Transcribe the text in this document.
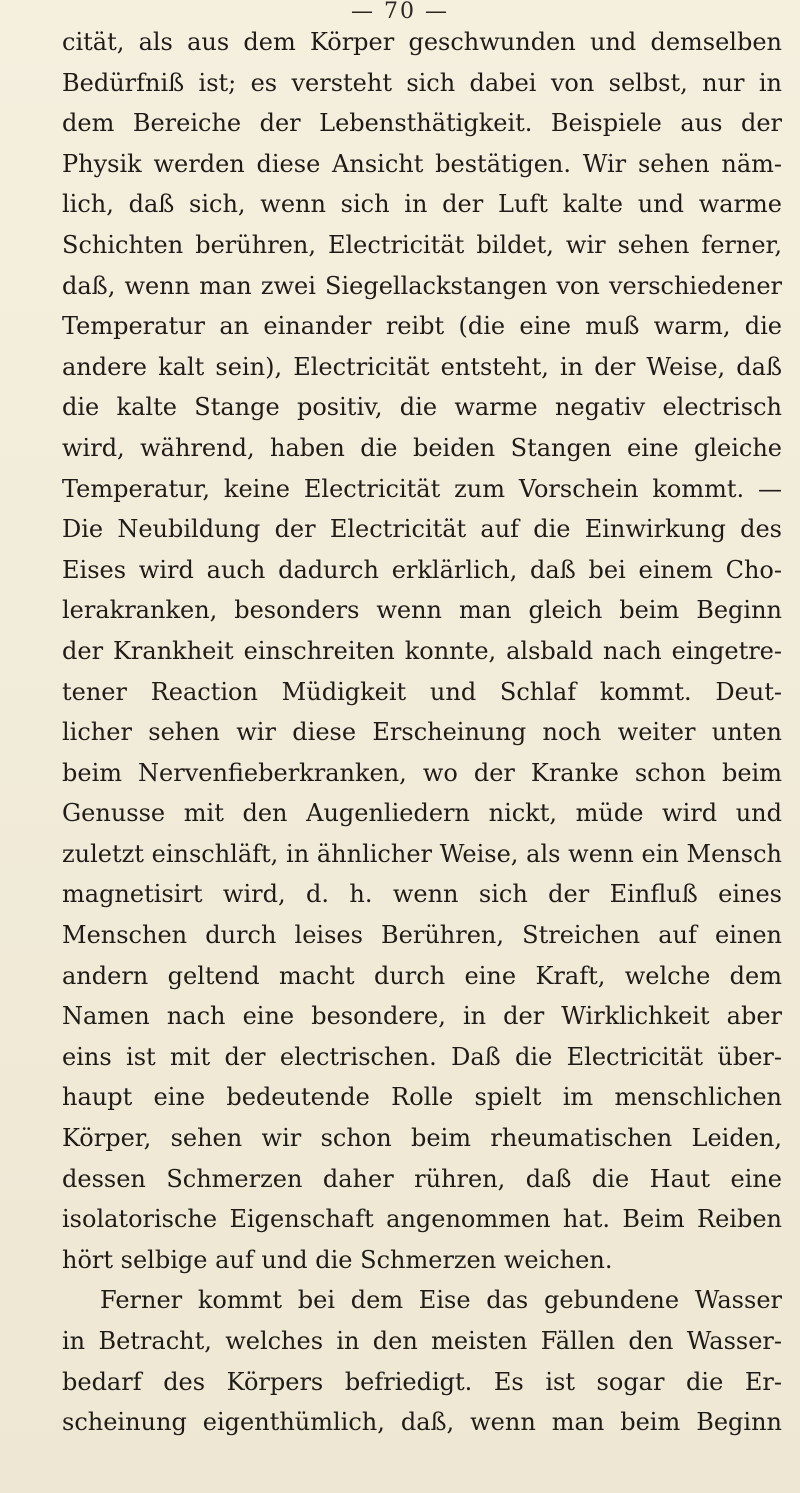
— 70 —
cität, als aus dem Körper geschwunden und demselben
Bedürfniß ist; es versteht sich dabei von selbst, nur in
dem Bereiche der Lebensthätigkeit. Beispiele aus der
Physik werden diese Ansicht bestätigen. Wir sehen näm-
lich, daß sich, wenn sich in der Luft kalte und warme
Schichten berühren, Electricität bildet, wir sehen ferner,
daß, wenn man zwei Siegellackstangen von verschiedener
Temperatur an einander reibt (die eine muß warm, die
andere kalt sein), Electricität entsteht, in der Weise, daß
die kalte Stange positiv, die warme negativ electrisch
wird, während, haben die beiden Stangen eine gleiche
Temperatur, keine Electricität zum Vorschein kommt. —
Die Neubildung der Electricität auf die Einwirkung des
Eises wird auch dadurch erklärlich, daß bei einem Cho-
lerakranken, besonders wenn man gleich beim Beginn
der Krankheit einschreiten konnte, alsbald nach eingetre-
tener Reaction Müdigkeit und Schlaf kommt. Deut-
licher sehen wir diese Erscheinung noch weiter unten
beim Nervenfieberkranken, wo der Kranke schon beim
Genusse mit den Augenliedern nickt, müde wird und
zuletzt einschläft, in ähnlicher Weise, als wenn ein Mensch
magnetisirt wird, d. h. wenn sich der Einfluß eines
Menschen durch leises Berühren, Streichen auf einen
andern geltend macht durch eine Kraft, welche dem
Namen nach eine besondere, in der Wirklichkeit aber
eins ist mit der electrischen. Daß die Electricität über-
haupt eine bedeutende Rolle spielt im menschlichen
Körper, sehen wir schon beim rheumatischen Leiden,
dessen Schmerzen daher rühren, daß die Haut eine
isolatorische Eigenschaft angenommen hat. Beim Reiben
hört selbige auf und die Schmerzen weichen.
Ferner kommt bei dem Eise das gebundene Wasser
in Betracht, welches in den meisten Fällen den Wasser-
bedarf des Körpers befriedigt. Es ist sogar die Er-
scheinung eigenthümlich, daß, wenn man beim Beginn
